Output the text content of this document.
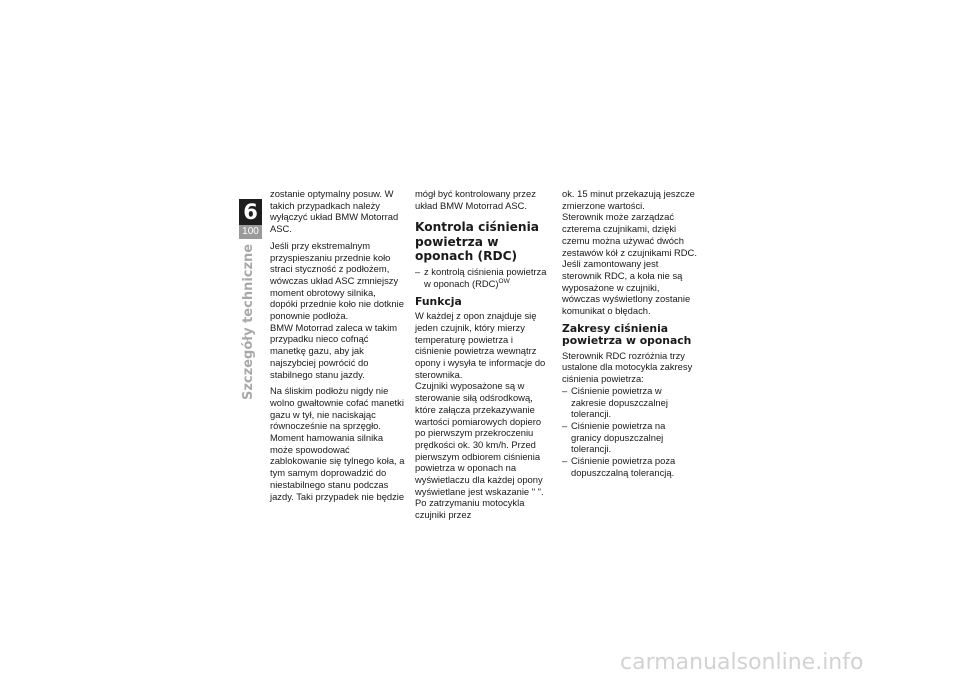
6
100
Szczegóły techniczne

zostanie optymalny posuw. W takich przypadkach należy wyłączyć układ BMW Motorrad ASC.

Jeśli przy ekstremalnym przyspieszaniu przednie koło straci styczność z podłożem, wówczas układ ASC zmniejszy moment obrotowy silnika, dopóki przednie koło nie dotknie ponownie podłoża.

BMW Motorrad zaleca w takim przypadku nieco cofnąć manetkę gazu, aby jak najszybciej powrócić do stabilnego stanu jazdy.

Na śliskim podłożu nigdy nie wolno gwałtownie cofać manetki gazu w tył, nie naciskając równocześnie na sprzęgło. Moment hamowania silnika może spowodować zablokowanie się tylnego koła, a tym samym doprowadzić do niestabilnego stanu podczas jazdy. Taki przypadek nie będzie

mógł być kontrolowany przez układ BMW Motorrad ASC.

Kontrola ciśnienia powietrza w oponach (RDC)
– z kontrolą ciśnienia powietrza w oponach (RDC)$^{OW}$
Funkcja

W każdej z opon znajduje się jeden czujnik, który mierzy temperaturę powietrza i ciśnienie powietrza wewnątrz opony i wysyła te informacje do sterownika.

Czujniki wyposażone są w sterowanie siłą odśrodkową, które załącza przekazywanie wartości pomiarowych dopiero po pierwszym przekroczeniu prędkości ok. 30 km/h. Przed pierwszym odbiorem ciśnienia powietrza w oponach na wyświetlaczu dla każdej opony wyświetlane jest wskazanie " ". Po zatrzymaniu motocykla czujniki przez

ok. 15 minut przekazują jeszcze zmierzone wartości.

Sterownik może zarządzać czterema czujnikami, dzięki czemu można używać dwóch zestawów kół z czujnikami RDC. Jeśli zamontowany jest sterownik RDC, a koła nie są wyposażone w czujniki, wówczas wyświetlony zostanie komunikat o błędach.

Zakresy ciśnienia powietrza w oponach

Sterownik RDC rozróżnia trzy ustalone dla motocykla zakresy ciśnienia powietrza:

– Ciśnienie powietrza w zakresie dopuszczalnej tolerancji.
– Ciśnienie powietrza na granicy dopuszczalnej tolerancji.
– Ciśnienie powietrza poza dopuszczalną tolerancją.
carmanualsonline.info
